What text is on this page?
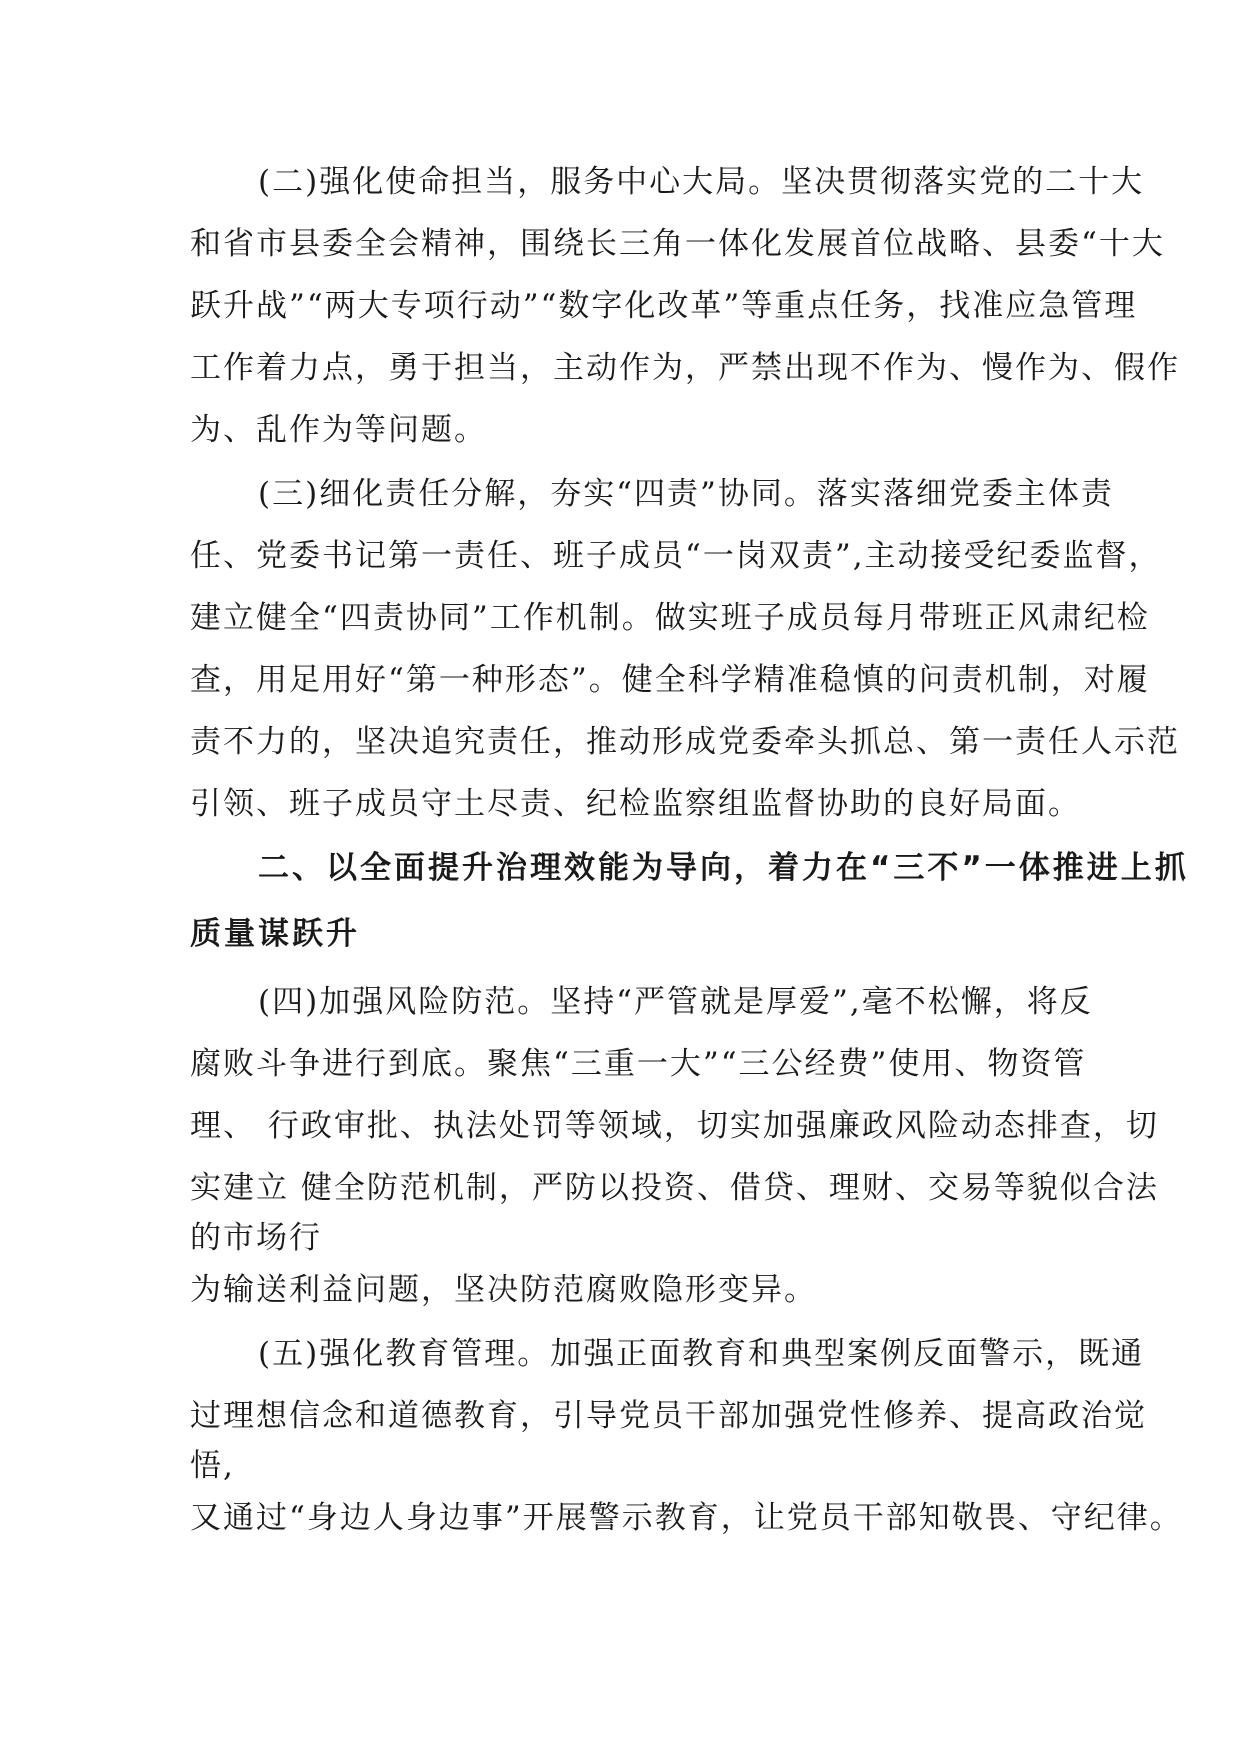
(二)强化使命担当，服务中心大局。坚决贯彻落实党的二十大
和省市县委全会精神，围绕长三角一体化发展首位战略、县委“十大
跃升战”“两大专项行动”“数字化改革”等重点任务，找准应急管理
工作着力点，勇于担当，主动作为，严禁出现不作为、慢作为、假作
为、乱作为等问题。
(三)细化责任分解，夯实“四责”协同。落实落细党委主体责
任、党委书记第一责任、班子成员“一岗双责”,主动接受纪委监督，
建立健全“四责协同”工作机制。做实班子成员每月带班正风肃纪检
查，用足用好“第一种形态”。健全科学精准稳慎的问责机制，对履
责不力的，坚决追究责任，推动形成党委牵头抓总、第一责任人示范
引领、班子成员守土尽责、纪检监察组监督协助的良好局面。
二、以全面提升治理效能为导向，着力在“三不”一体推进上抓
质量谋跃升
(四)加强风险防范。坚持“严管就是厚爱”,毫不松懈，将反
腐败斗争进行到底。聚焦“三重一大”“三公经费”使用、物资管
理、 行政审批、执法处罚等领域，切实加强廉政风险动态排查，切
实建立 健全防范机制，严防以投资、借贷、理财、交易等貌似合法
的市场行
为输送利益问题，坚决防范腐败隐形变异。
(五)强化教育管理。加强正面教育和典型案例反面警示，既通
过理想信念和道德教育，引导党员干部加强党性修养、提高政治觉
悟,
又通过“身边人身边事”开展警示教育，让党员干部知敬畏、守纪律。
